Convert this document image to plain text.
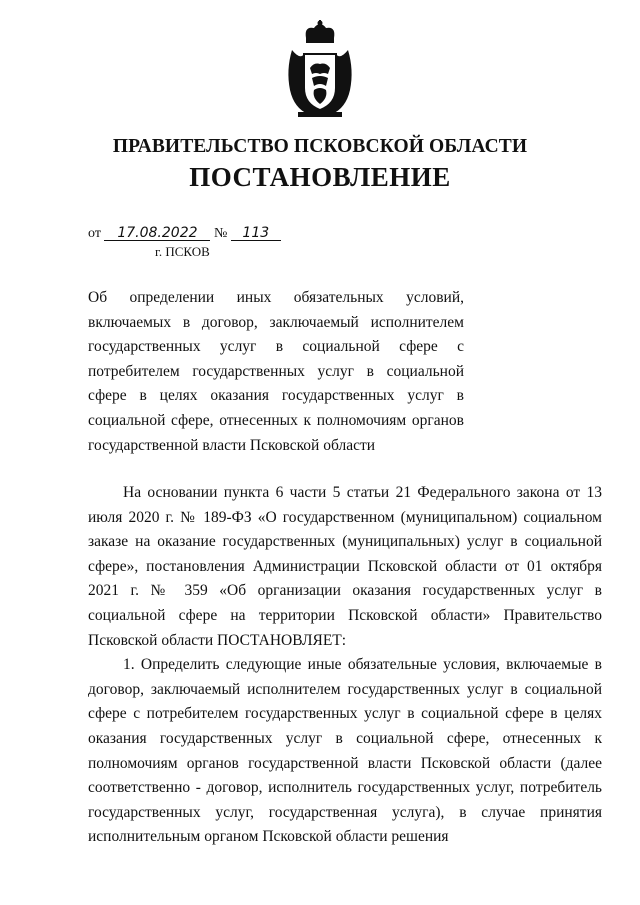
ПРАВИТЕЛЬСТВО ПСКОВСКОЙ ОБЛАСТИ
ПОСТАНОВЛЕНИЕ
от 17.08.2022 № 113
г. ПСКОВ

Об определении иных обязательных условий, включаемых в договор, заключаемый исполнителем государственных услуг в социальной сфере с потребителем государственных услуг в социальной сфере в целях оказания государственных услуг в социальной сфере, отнесенных к полномочиям органов государственной власти Псковской области

На основании пункта 6 части 5 статьи 21 Федерального закона от 13 июля 2020 г. № 189-ФЗ «О государственном (муниципальном) социальном заказе на оказание государственных (муниципальных) услуг в социальной сфере», постановления Администрации Псковской области от 01 октября 2021 г. № 359 «Об организации оказания государственных услуг в социальной сфере на территории Псковской области» Правительство Псковской области ПОСТАНОВЛЯЕТ:

1. Определить следующие иные обязательные условия, включаемые в договор, заключаемый исполнителем государственных услуг в социальной сфере с потребителем государственных услуг в социальной сфере в целях оказания государственных услуг в социальной сфере, отнесенных к полномочиям органов государственной власти Псковской области (далее соответственно - договор, исполнитель государственных услуг, потребитель государственных услуг, государственная услуга), в случае принятия исполнительным органом Псковской области решения
